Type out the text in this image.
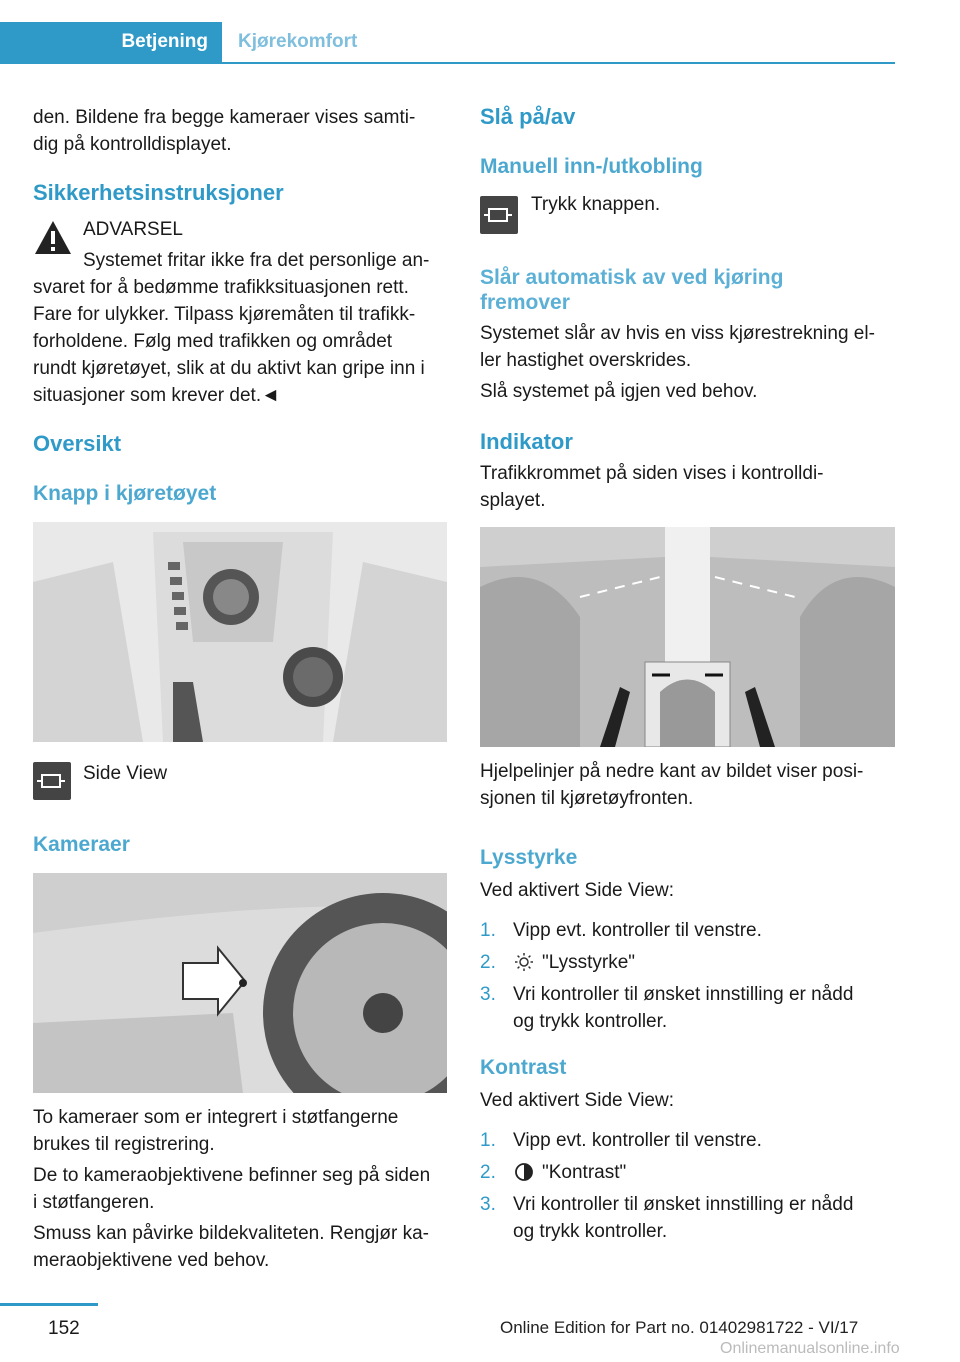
Betjening	Kjørekomfort

den. Bildene fra begge kameraer vises samti‐

dig på kontrolldisplayet.

Sikkerhetsinstruksjoner

ADVARSEL

Systemet fritar ikke fra det personlige an‐

svaret for å bedømme trafikksituasjonen rett.

Fare for ulykker. Tilpass kjøremåten til trafikk‐

forholdene. Følg med trafikken og området

rundt kjøretøyet, slik at du aktivt kan gripe inn i

situasjoner som krever det.◄

Oversikt
Knapp i kjøretøyet

Side View

Kameraer

To kameraer som er integrert i støtfangerne

brukes til registrering.

De to kameraobjektivene befinner seg på siden

i støtfangeren.

Smuss kan påvirke bildekvaliteten. Rengjør ka‐

meraobjektivene ved behov.

Slå på/av
Manuell inn-/utkobling

Trykk knappen.

Slår automatisk av ved kjøring
fremover

Systemet slår av hvis en viss kjørestrekning el‐

ler hastighet overskrides.

Slå systemet på igjen ved behov.

Indikator

Trafikkrommet på siden vises i kontrolldi‐

splayet.

Hjelpelinjer på nedre kant av bildet viser posi‐

sjonen til kjøretøyfronten.

Lysstyrke

Ved aktivert Side View:

1. Vipp evt. kontroller til venstre.

2. "Lysstyrke"

3. Vri kontroller til ønsket innstilling er nådd

og trykk kontroller.

Kontrast

Ved aktivert Side View:

1. Vipp evt. kontroller til venstre.

2. "Kontrast"

3. Vri kontroller til ønsket innstilling er nådd

og trykk kontroller.

152	Online Edition for Part no. 01402981722 - VI/17
Onlinemanualsonline.info
